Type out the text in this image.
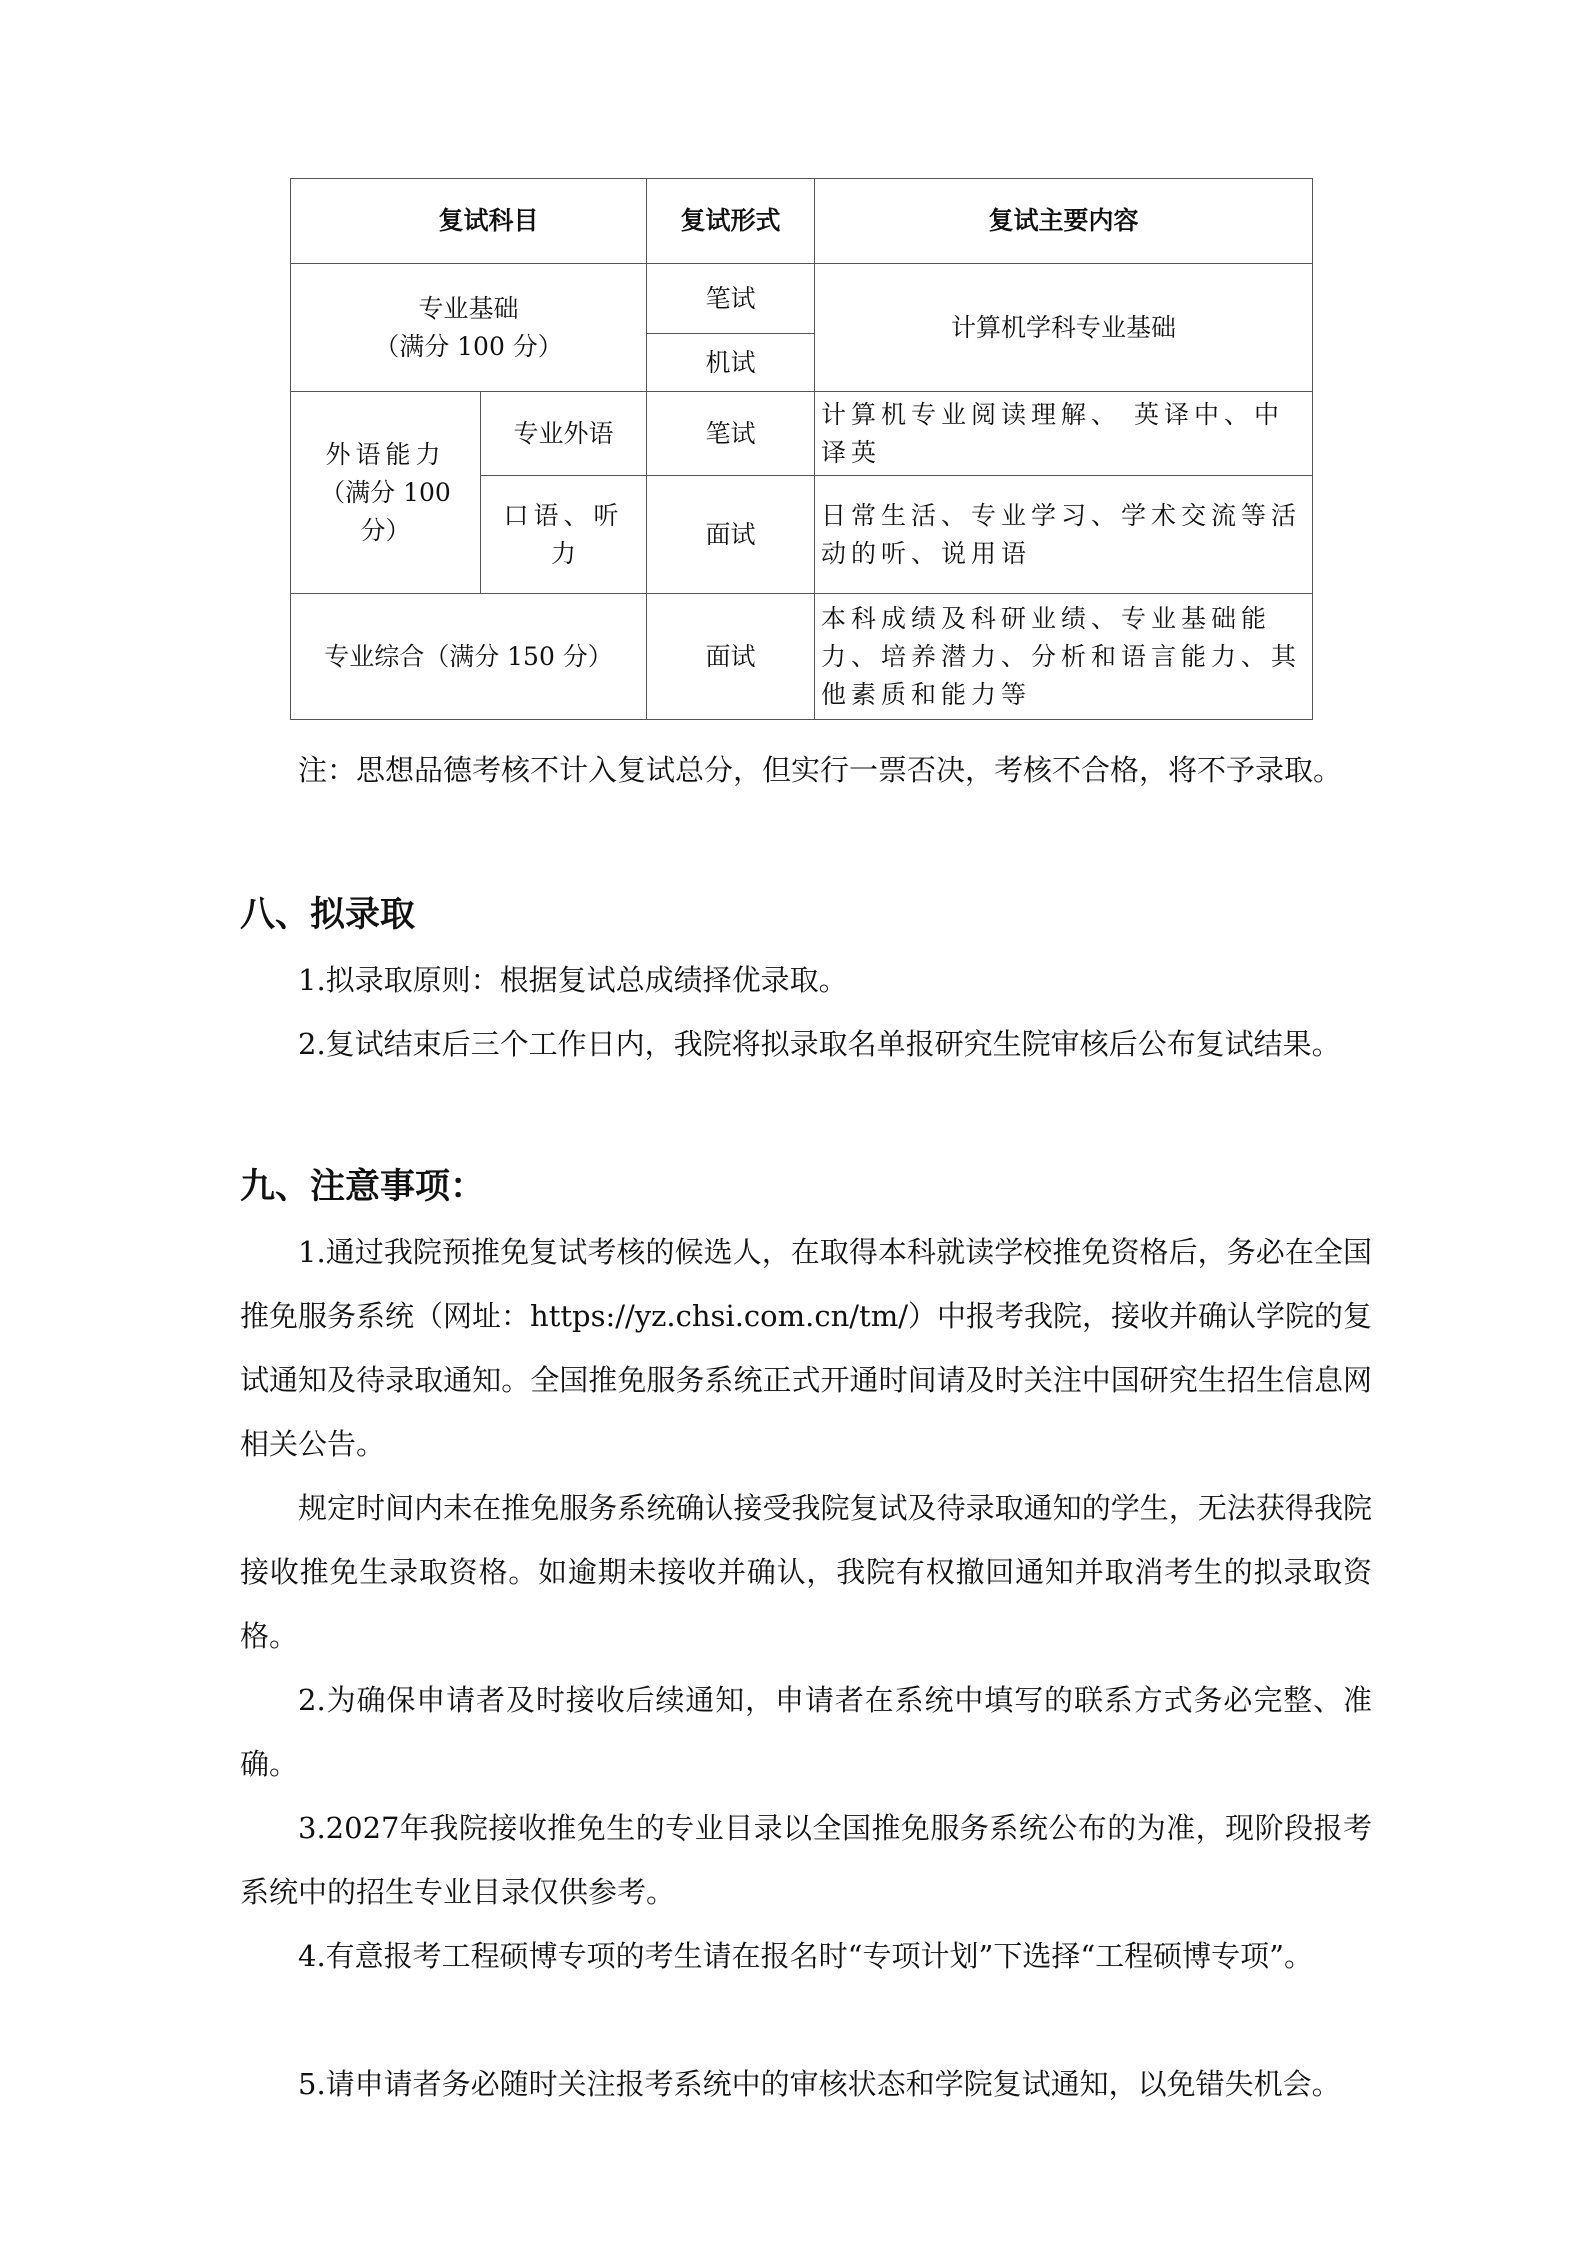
复试科目		复试形式	复试主要内容

专业基础
（满分 100 分）		笔试	计算机学科专业基础
		机试	

外语能力
（满分 100
分）	专业外语	笔试	计算机专业阅读理解、 英译中、中译英

	口语、听
力	面试	日常生活、专业学习、学术交流等活动的听、说用语
专业综合（满分 150 分）		面试	本科成绩及科研业绩、专业基础能力、培养潜力、分析和语言能力、其他素质和能力等

注：思想品德考核不计入复试总分，但实行一票否决，考核不合格，将不予录取。

八、拟录取

1.拟录取原则：根据复试总成绩择优录取。

2.复试结束后三个工作日内，我院将拟录取名单报研究生院审核后公布复试结果。

九、注意事项：

1.通过我院预推免复试考核的候选人，在取得本科就读学校推免资格后，务必在全国推免服务系统（网址：https://yz.chsi.com.cn/tm/）中报考我院，接收并确认学院的复试通知及待录取通知。全国推免服务系统正式开通时间请及时关注中国研究生招生信息网相关公告。

规定时间内未在推免服务系统确认接受我院复试及待录取通知的学生，无法获得我院接收推免生录取资格。如逾期未接收并确认，我院有权撤回通知并取消考生的拟录取资格。

2.为确保申请者及时接收后续通知，申请者在系统中填写的联系方式务必完整、准确。

3.2027年我院接收推免生的专业目录以全国推免服务系统公布的为准，现阶段报考系统中的招生专业目录仅供参考。

4.有意报考工程硕博专项的考生请在报名时“专项计划”下选择“工程硕博专项”。

5.请申请者务必随时关注报考系统中的审核状态和学院复试通知，以免错失机会。
